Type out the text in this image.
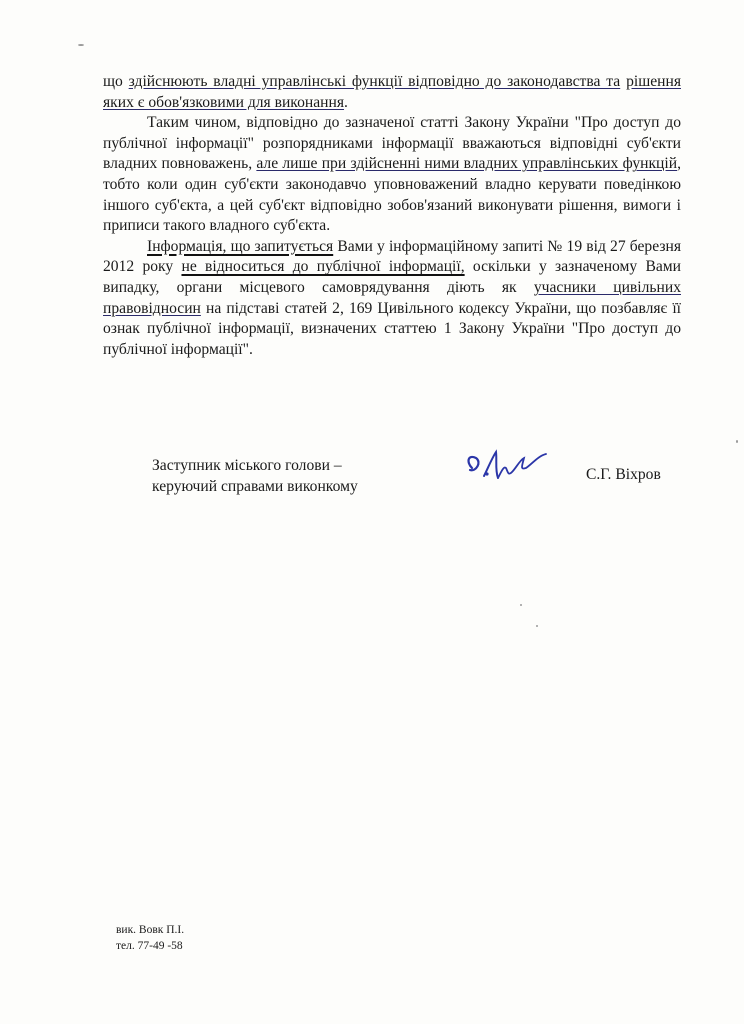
що здійснюють владні управлінські функції відповідно до законодавства та рішення яких є обов'язковими для виконання.

Таким чином, відповідно до зазначеної статті Закону України "Про доступ до публічної інформації" розпорядниками інформації вважаються відповідні суб'єкти владних повноважень, але лише при здійсненні ними владних управлінських функцій, тобто коли один суб'єкти законодавчо уповноважений владно керувати поведінкою іншого суб'єкта, а цей суб'єкт відповідно зобов'язаний виконувати рішення, вимоги і приписи такого владного суб'єкта.

Інформація, що запитується Вами у інформаційному запиті № 19 від 27 березня 2012 року не відноситься до публічної інформації, оскільки у зазначеному Вами випадку, органи місцевого самоврядування діють як учасники цивільних правовідносин на підставі статей 2, 169 Цивільного кодексу України, що позбавляє її ознак публічної інформації, визначених статтею 1 Закону України "Про доступ до публічної інформації".

Заступник міського голови –
керуючий справами виконкому
С.Г. Віхров
вик. Вовк П.І.
тел. 77-49 -58
